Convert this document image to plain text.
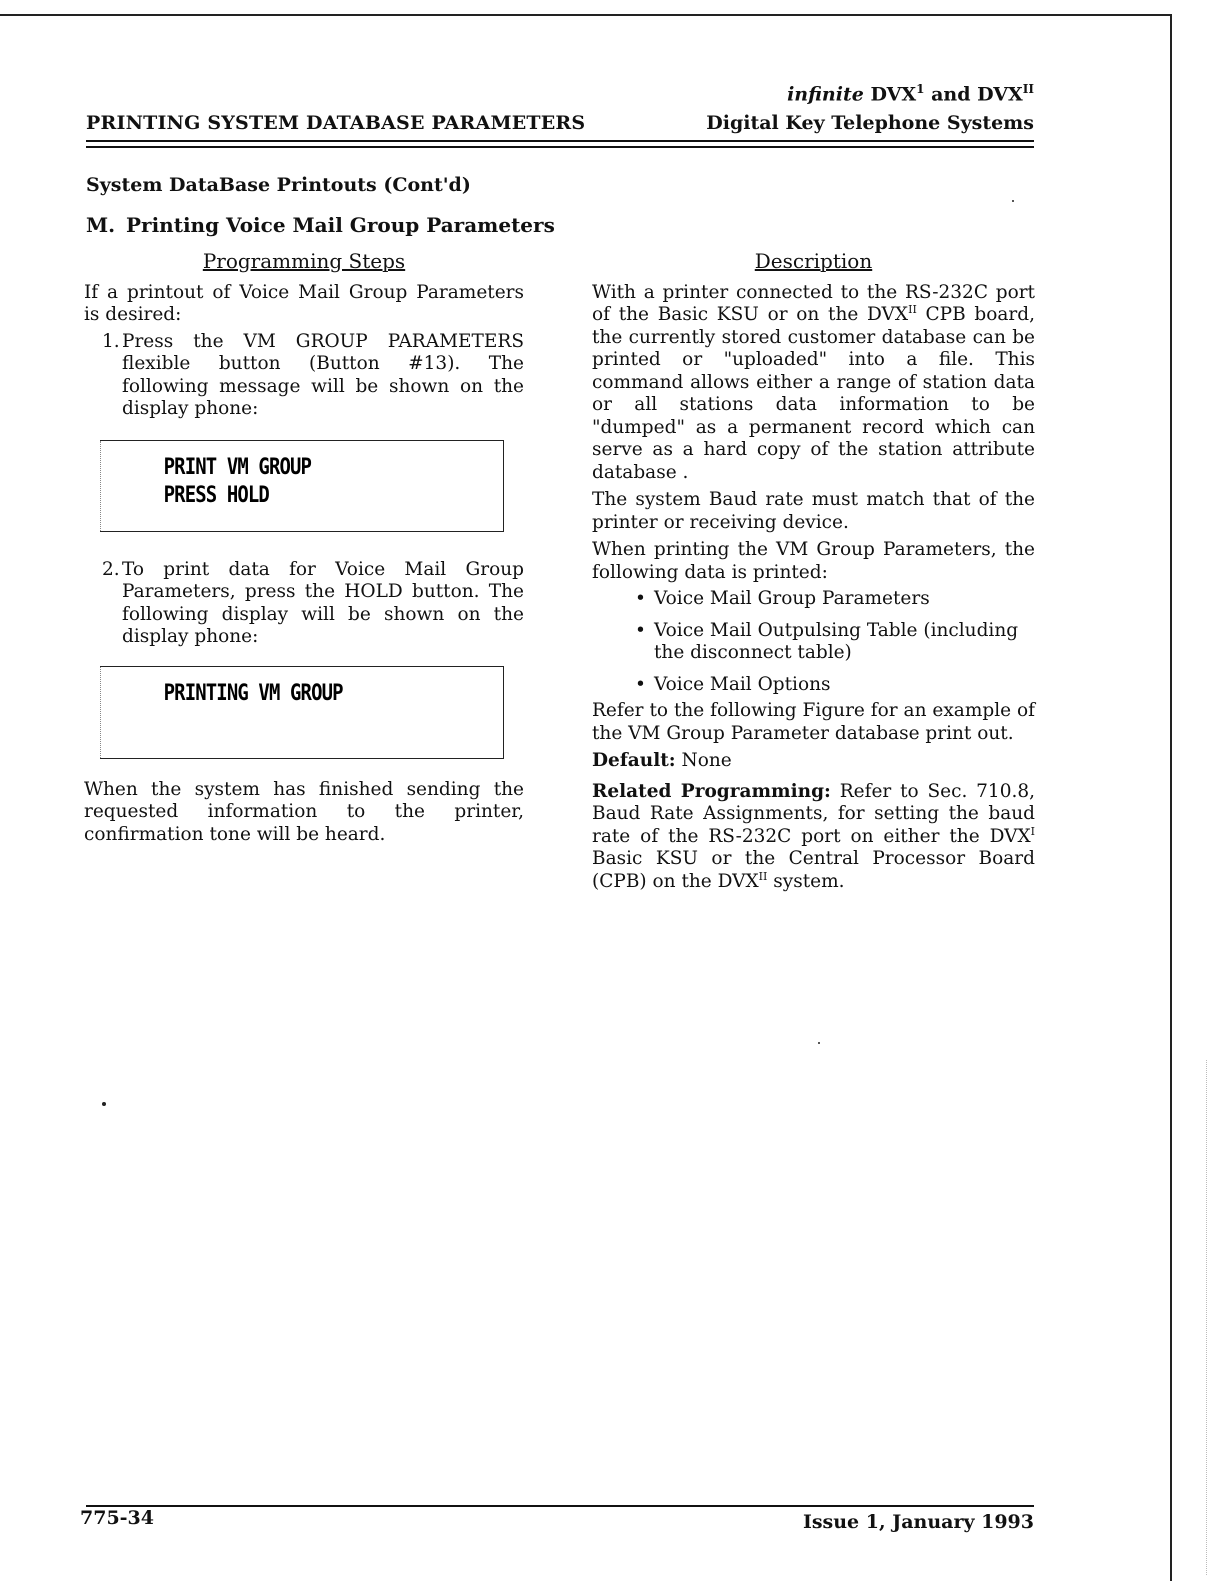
PRINTING SYSTEM DATABASE PARAMETERS
infinite DVX$^1$ and $DVX^{II}$
Digital Key Telephone Systems
System DataBase Printouts (Cont'd)
M. Printing Voice Mail Group Parameters
Programming Steps

If a printout of Voice Mail Group Parameters is desired:

1. Press the VM GROUP PARAMETERS flexible button (Button #13). The following message will be shown on the display phone:
PRINT VM GROUP
PRESS HOLD
2. To print data for Voice Mail Group Parameters, press the HOLD button. The following display will be shown on the display phone:
PRINTING VM GROUP

When the system has finished sending the requested information to the printer, confirmation tone will be heard.

Description

With a printer connected to the RS-232C port of the Basic KSU or on the $DVX^{II}$ CPB board, the currently stored customer database can be printed or "uploaded" into a file. This command allows either a range of station data or all stations data information to be "dumped" as a permanent record which can serve as a hard copy of the station attribute database .

The system Baud rate must match that of the printer or receiving device.

When printing the VM Group Parameters, the following data is printed:

• Voice Mail Group Parameters
• Voice Mail Outpulsing Table (including the disconnect table)
• Voice Mail Options

Refer to the following Figure for an example of the VM Group Parameter database print out.

Default: None

Related Programming: Refer to Sec. 710.8, Baud Rate Assignments, for setting the baud rate of the RS-232C port on either the $DVX^I$ Basic KSU or the Central Processor Board (CPB) on the $DVX^{II}$ system.

775-34	Issue 1, January 1993
